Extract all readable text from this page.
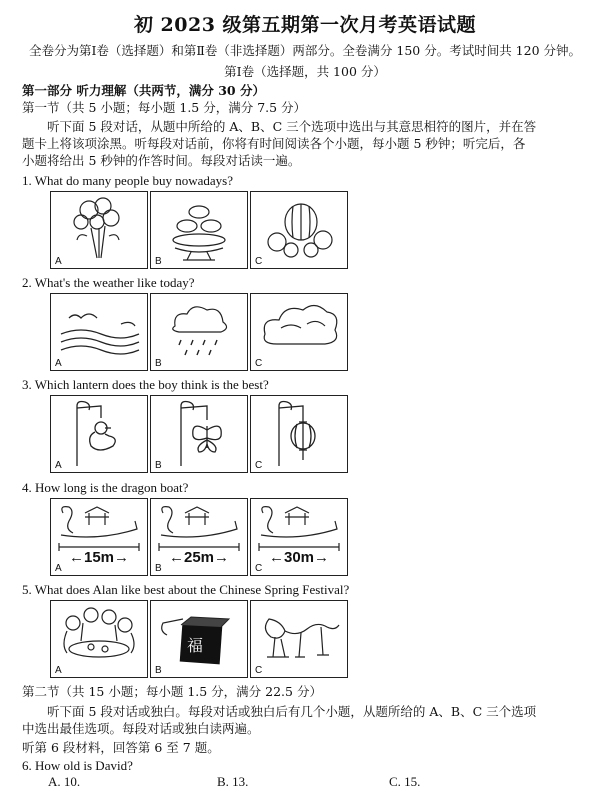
初 2023 级第五期第一次月考英语试题
全卷分为第Ⅰ卷（选择题）和第Ⅱ卷（非选择题）两部分。全卷满分 150 分。考试时间共 120 分钟。
第Ⅰ卷（选择题，共 100 分）
第一部分 听力理解（共两节，满分 30 分）
第一节（共 5 小题；每小题 1.5 分，满分 7.5 分）
听下面 5 段对话，从题中所给的 A、B、C 三个选项中选出与其意思相符的图片，并在答
题卡上将该项涂黑。听每段对话前，你将有时间阅读各个小题，每小题 5 秒钟；听完后，各
小题将给出 5 秒钟的作答时间。每段对话读一遍。
1. What do many people buy nowadays?
A	B	C
2. What's the weather like today?
A	B	C
3. Which lantern does the boy think is the best?
A	B	C
4. How long is the dragon boat?
←15m→
A
←25m→
B
←30m→
C
5. What does Alan like best about the Chinese Spring Festival?
A
福
B	C
第二节（共 15 小题；每小题 1.5 分，满分 22.5 分）
听下面 5 段对话或独白。每段对话或独白后有几个小题，从题所给的 A、B、C 三个选项
中选出最佳选项。每段对话或独白读两遍。
听第 6 段材料，回答第 6 至 7 题。
6. How old is David?
A. 10.	B. 13.	C. 15.
